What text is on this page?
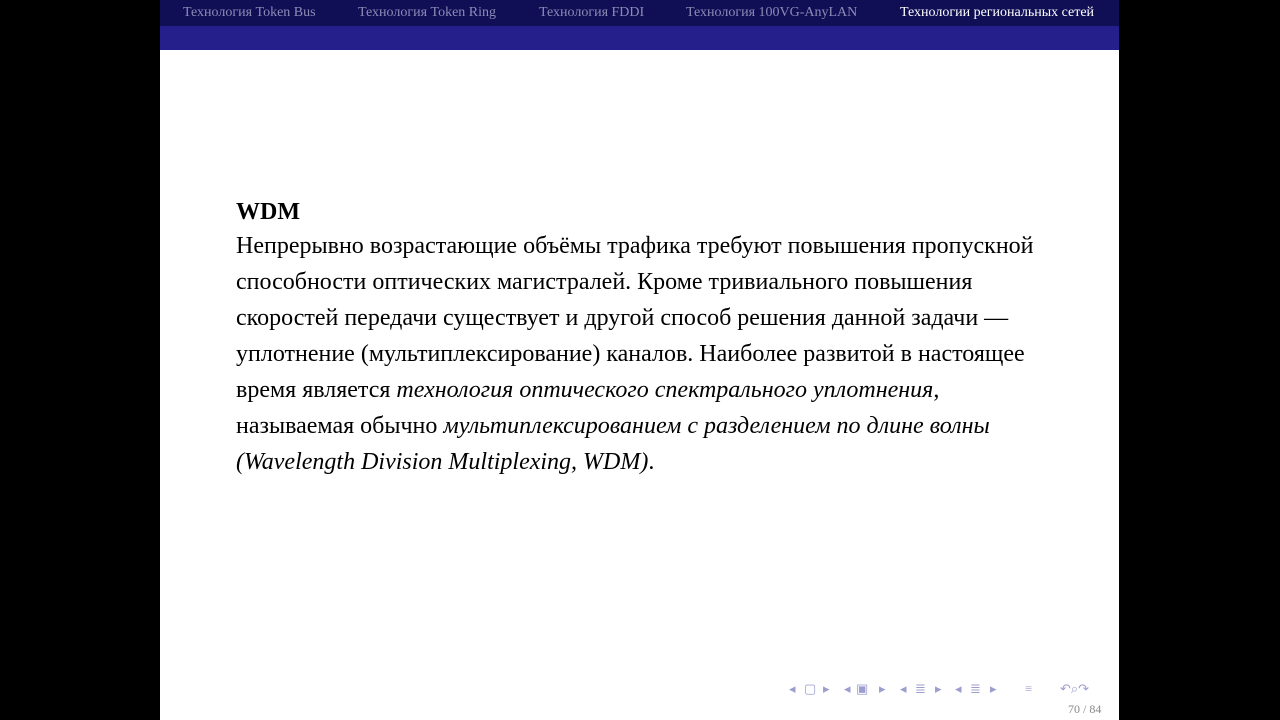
Технология Token Bus	Технология Token Ring	Технология FDDI	Технология 100VG-AnyLAN	Технологии региональных сетей
WDM
Непрерывно возрастающие объёмы трафика требуют повышения пропускной способности оптических магистралей. Кроме тривиального повышения скоростей передачи существует и другой способ решения данной задачи — уплотнение (мультиплексирование) каналов. Наиболее развитой в настоящее время является технология оптического спектрального уплотнения, называемая обычно мультиплексированием с разделением по длине волны (Wavelength Division Multiplexing, WDM).
◂ ▢ ▸ ◂ ▣ ▸ ◂ ≣ ▸ ◂ ≣ ▸ ≡ ↶⌕↷
70 / 84
